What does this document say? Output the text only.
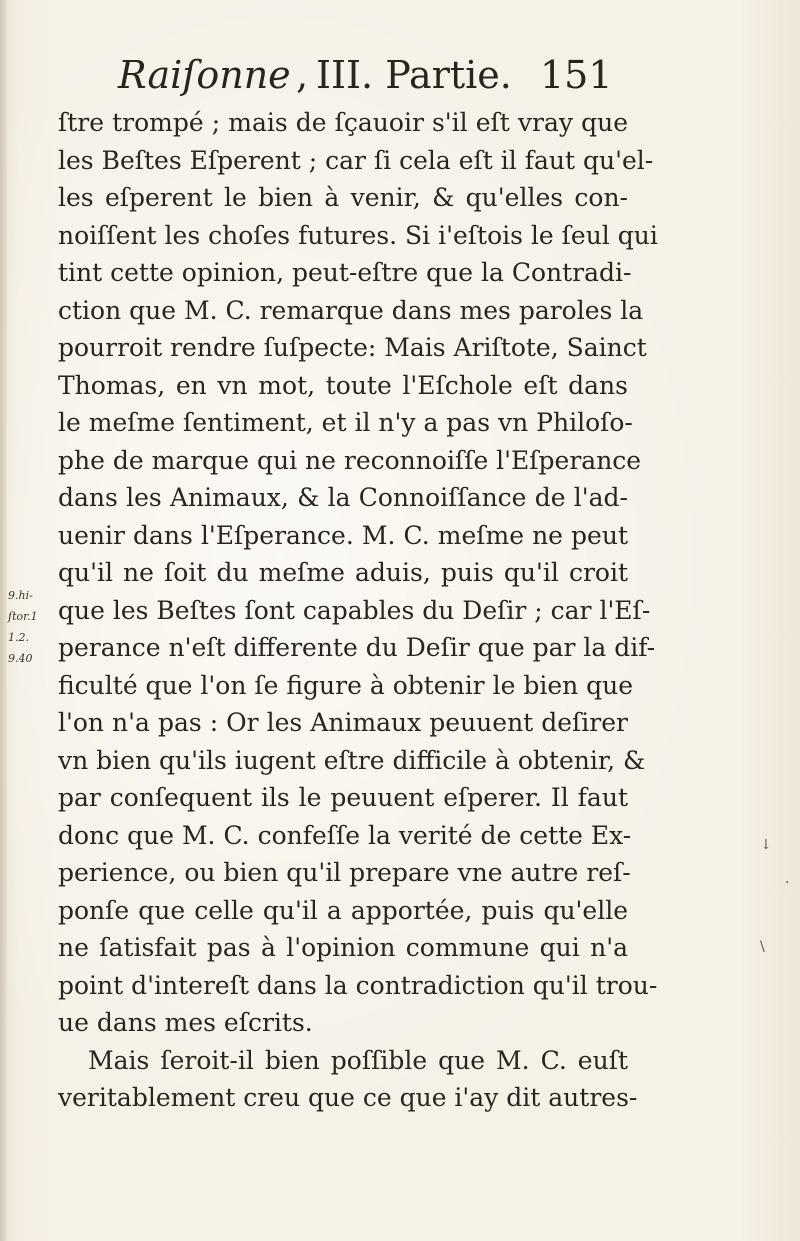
Raiſonne , III. Partie. 151
9.hi-
ſtor.1
1.2.
9.40
ſtre trompé ; mais de ſçauoir s'il eſt vray que
les Beſtes Eſperent ; car ſi cela eſt il faut qu'el-
les eſperent le bien à venir, & qu'elles con-
noiſſent les choſes futures. Si i'eſtois le ſeul qui
tint cette opinion, peut-eſtre que la Contradi-
ction que M. C. remarque dans mes paroles la
pourroit rendre ſuſpecte: Mais Ariſtote, Sainct
Thomas, en vn mot, toute l'Eſchole eſt dans
le meſme ſentiment, et il n'y a pas vn Philoſo-
phe de marque qui ne reconnoiſſe l'Eſperance
dans les Animaux, & la Connoiſſance de l'ad-
uenir dans l'Eſperance. M. C. meſme ne peut
qu'il ne ſoit du meſme aduis, puis qu'il croit
que les Beſtes ſont capables du Deſir ; car l'Eſ-
perance n'eſt differente du Deſir que par la dif-
ficulté que l'on ſe figure à obtenir le bien que
l'on n'a pas : Or les Animaux peuuent deſirer
vn bien qu'ils iugent eſtre difficile à obtenir, &
par conſequent ils le peuuent eſperer. Il faut
donc que M. C. confeſſe la verité de cette Ex-
perience, ou bien qu'il prepare vne autre reſ-
ponſe que celle qu'il a apportée, puis qu'elle
ne ſatisfait pas à l'opinion commune qui n'a
point d'intereſt dans la contradiction qu'il trou-
ue dans mes eſcrits.
Mais ſeroit-il bien poſſible que M. C. euſt
veritablement creu que ce que i'ay dit autres-
↓
·
\
